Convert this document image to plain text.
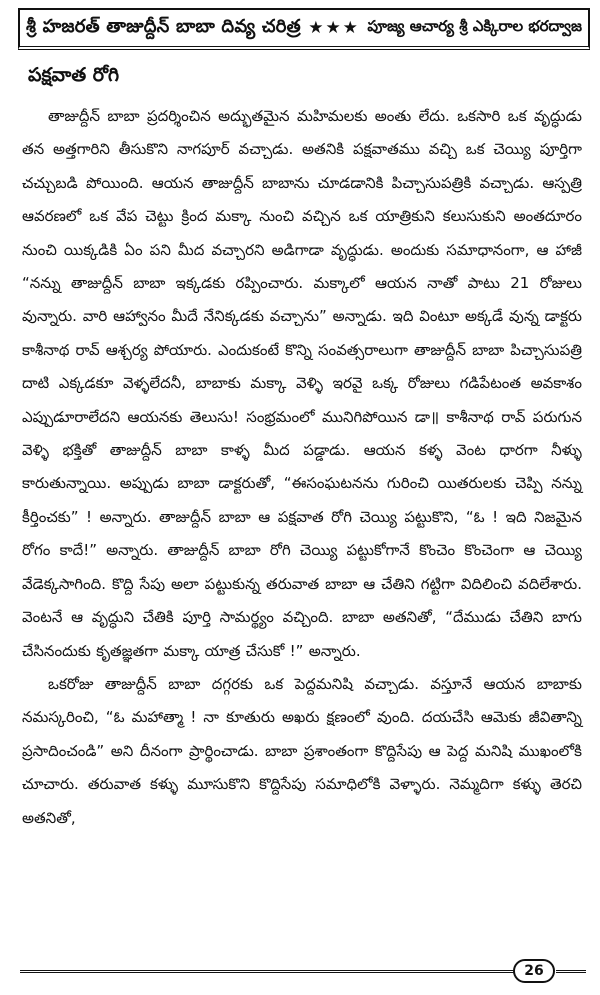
శ్రీ హజరత్ తాజుద్దీన్ బాబా దివ్య చరిత్ర ★★★ పూజ్య ఆచార్య శ్రీ ఎక్కిరాల భరద్వాజ
పక్షవాత రోగి

తాజుద్దీన్ బాబా ప్రదర్శించిన అద్భుతమైన మహిమలకు అంతు లేదు. ఒకసారి ఒక వృద్ధుడు తన అత్తగారిని తీసుకొని నాగపూర్ వచ్చాడు. అతనికి పక్షవాతము వచ్చి ఒక చెయ్యి పూర్తిగా చచ్చుబడి పోయింది. ఆయన తాజుద్దీన్ బాబాను చూడడానికి పిచ్చాసుపత్రికి వచ్చాడు. ఆస్పత్రి ఆవరణలో ఒక వేప చెట్టు క్రింద మక్కా నుంచి వచ్చిన ఒక యాత్రికుని కలుసుకుని అంతదూరం నుంచి యిక్కడికి ఏం పని మీద వచ్చారని అడిగాడా వృద్ధుడు. అందుకు సమాధానంగా, ఆ హాజీ “నన్ను తాజుద్దీన్ బాబా ఇక్కడకు రప్పించారు. మక్కాలో ఆయన నాతో పాటు 21 రోజులు వున్నారు. వారి ఆహ్వానం మీదే నేనిక్కడకు వచ్చాను” అన్నాడు. ఇది వింటూ అక్కడే వున్న డాక్టరు కాశీనాథ రావ్ ఆశ్చర్య పోయారు. ఎందుకంటే కొన్ని సంవత్సరాలుగా తాజుద్దీన్ బాబా పిచ్చాసుపత్రి దాటి ఎక్కడకూ వెళ్ళలేదనీ, బాబాకు మక్కా వెళ్ళి ఇరవై ఒక్క రోజులు గడిపేటంత అవకాశం ఎప్పుడూరాలేదని ఆయనకు తెలుసు! సంభ్రమంలో మునిగిపోయిన డా॥ కాశీనాథ రావ్ పరుగున వెళ్ళి భక్తితో తాజుద్దీన్ బాబా కాళ్ళ మీద పడ్డాడు. ఆయన కళ్ళ వెంట ధారగా నీళ్ళు కారుతున్నాయి. అప్పుడు బాబా డాక్టరుతో, “ఈసంఘటనను గురించి యితరులకు చెప్పి నన్ను కీర్తించకు” ! అన్నారు. తాజుద్దీన్ బాబా ఆ పక్షవాత రోగి చెయ్యి పట్టుకొని, “ఓ ! ఇది నిజమైన రోగం కాదే!” అన్నారు. తాజుద్దీన్ బాబా రోగి చెయ్యి పట్టుకోగానే కొంచెం కొంచెంగా ఆ చెయ్యి వేడెక్కసాగింది. కొద్ది సేపు అలా పట్టుకున్న తరువాత బాబా ఆ చేతిని గట్టిగా విదిలించి వదిలేశారు. వెంటనే ఆ వృద్ధుని చేతికి పూర్తి సామర్థ్యం వచ్చింది. బాబా అతనితో, “దేముడు చేతిని బాగు చేసినందుకు కృతజ్ఞతగా మక్కా యాత్ర చేసుకో !” అన్నారు.

ఒకరోజు తాజుద్దీన్ బాబా దగ్గరకు ఒక పెద్దమనిషి వచ్చాడు. వస్తూనే ఆయన బాబాకు నమస్కరించి, “ఓ మహాత్మా ! నా కూతురు అఖరు క్షణంలో వుంది. దయచేసి ఆమెకు జీవితాన్ని ప్రసాదించండి” అని దీనంగా ప్రార్థించాడు. బాబా ప్రశాంతంగా కొద్దిసేపు ఆ పెద్ద మనిషి ముఖంలోకి చూచారు. తరువాత కళ్ళు మూసుకొని కొద్దిసేపు సమాధిలోకి వెళ్ళారు. నెమ్మదిగా కళ్ళు తెరచి అతనితో,

26
